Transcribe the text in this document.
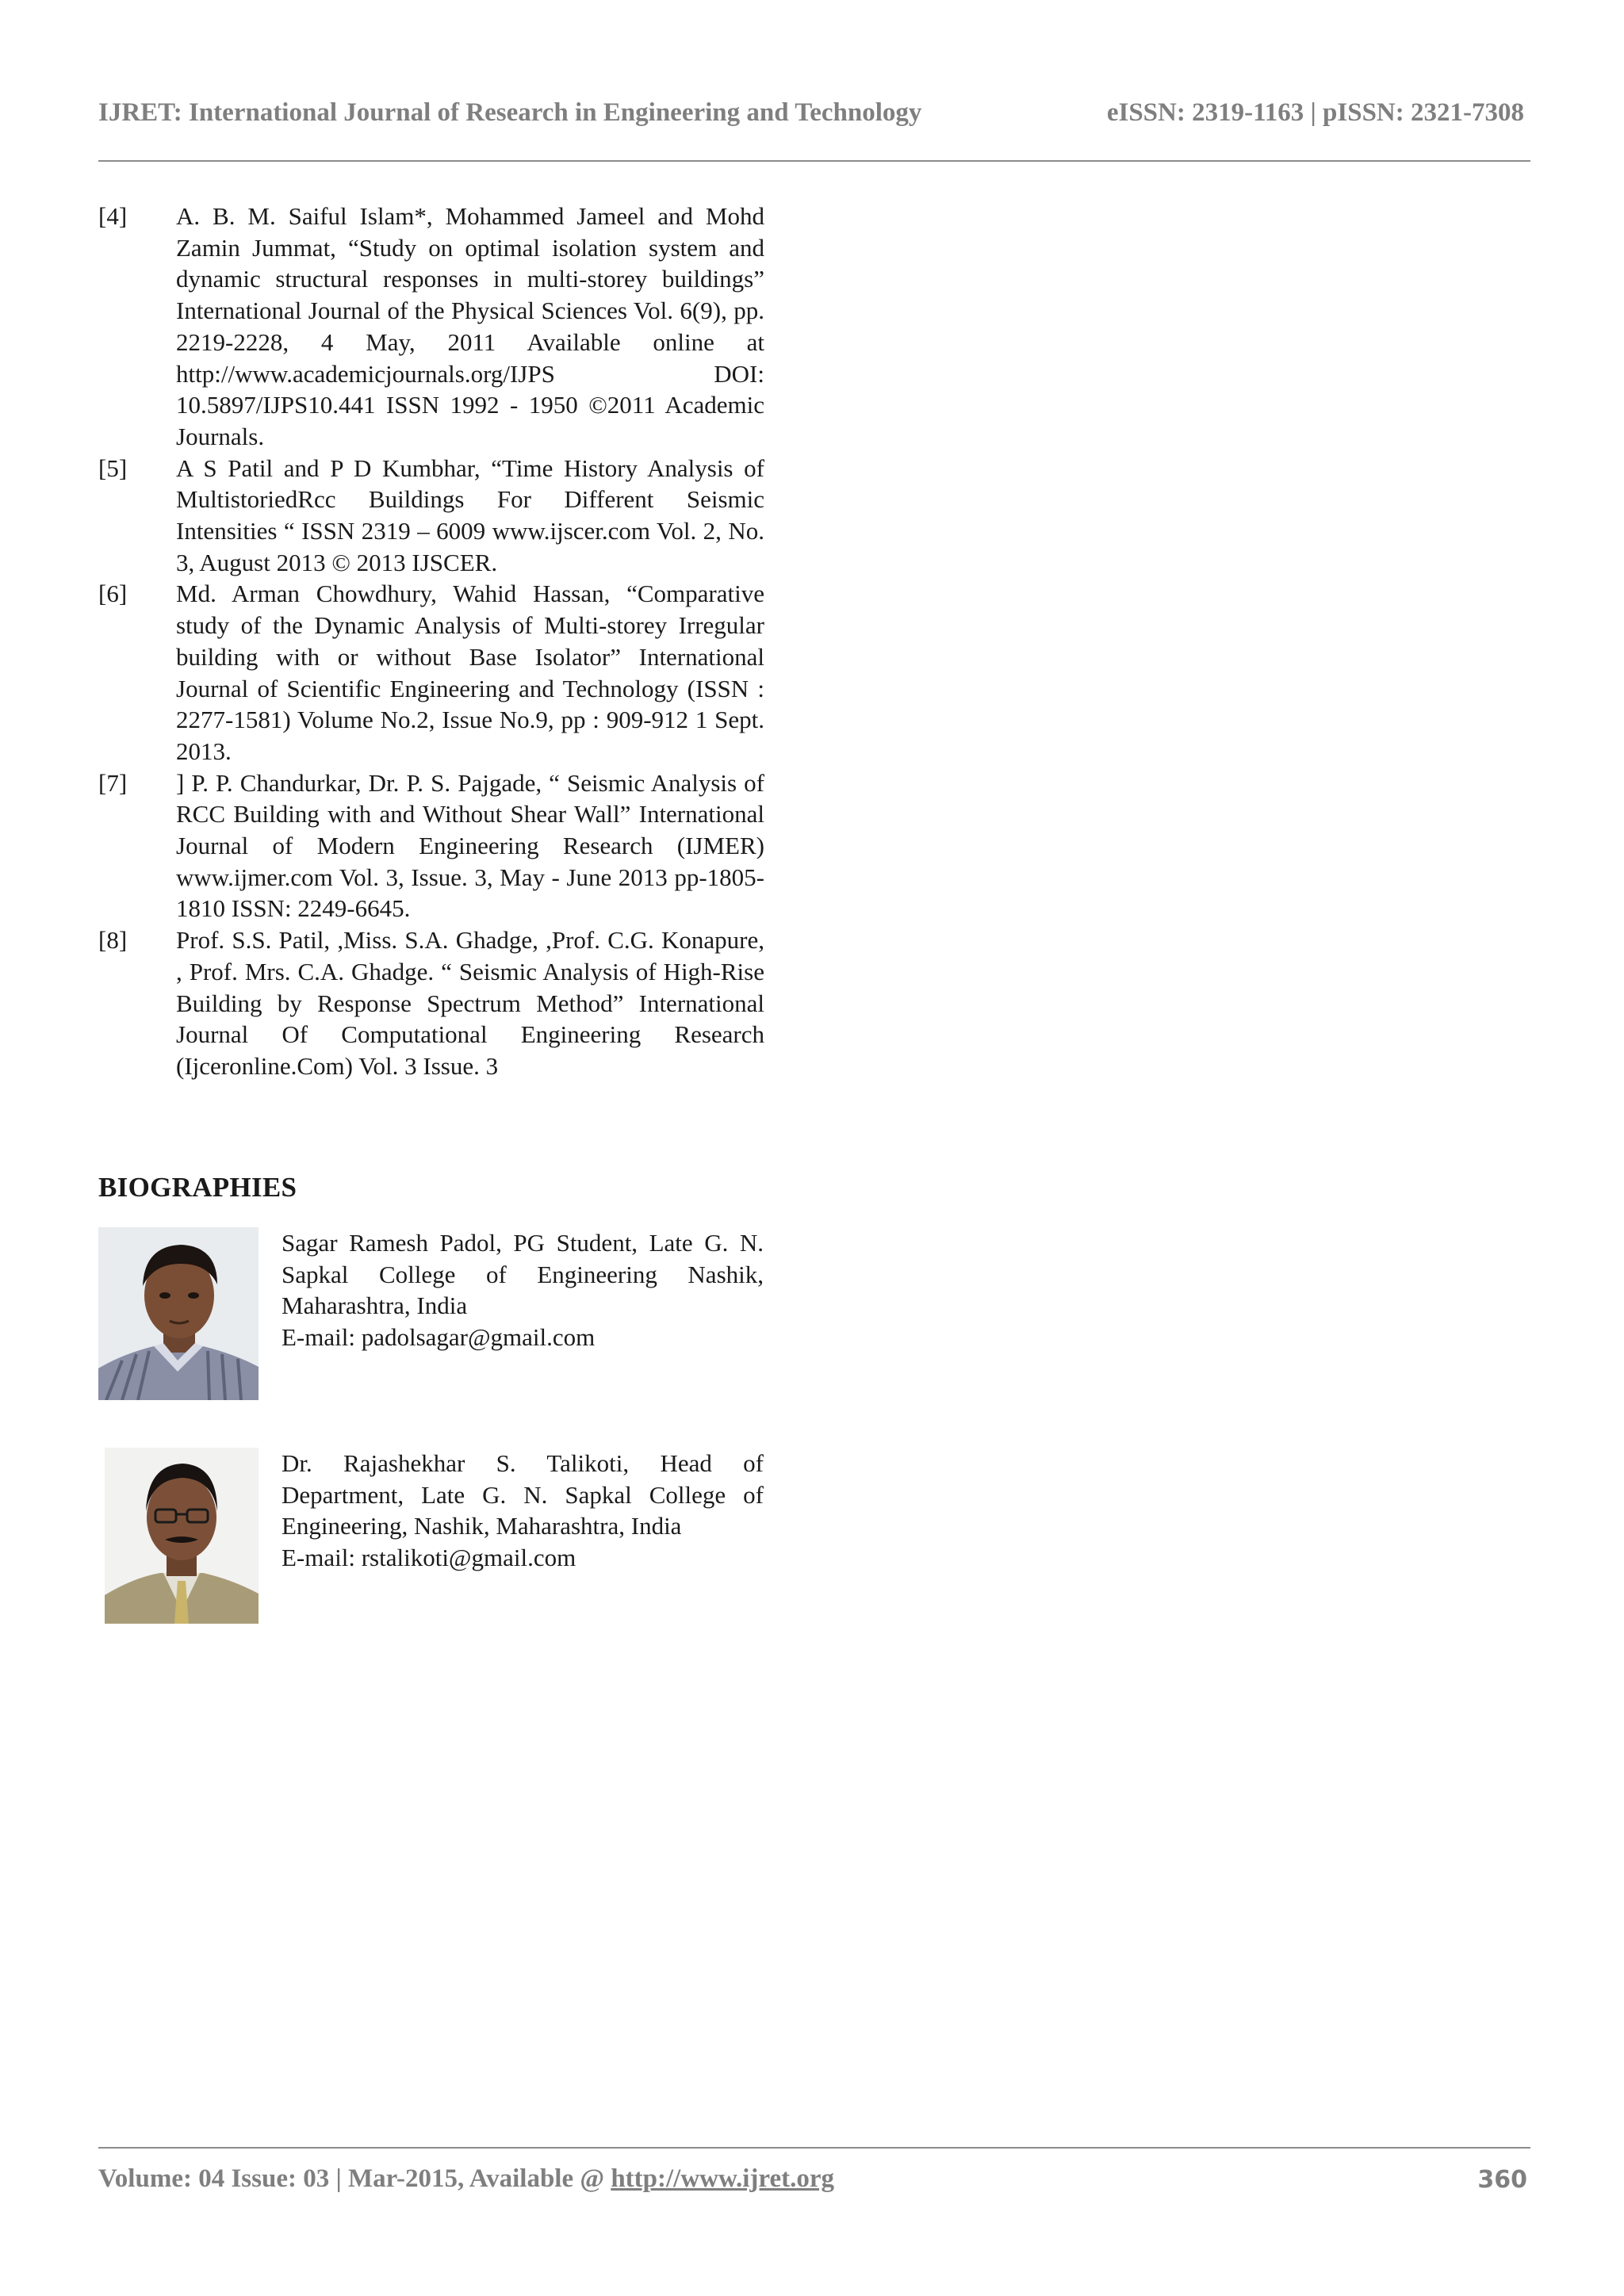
IJRET: International Journal of Research in Engineering and Technology	eISSN: 2319-1163 | pISSN: 2321-7308
[4] A. B. M. Saiful Islam*, Mohammed Jameel and Mohd Zamin Jummat, “Study on optimal isolation system and dynamic structural responses in multi-storey buildings” International Journal of the Physical Sciences Vol. 6(9), pp. 2219-2228, 4 May, 2011 Available online at http://www.academicjournals.org/IJPS	DOI: 10.5897/IJPS10.441 ISSN 1992 - 1950 ©2011 Academic Journals.
[5] A S Patil and P D Kumbhar, “Time History Analysis of MultistoriedRcc Buildings For Different Seismic Intensities “ ISSN 2319 – 6009 www.ijscer.com Vol. 2, No. 3, August 2013 © 2013 IJSCER.
[6] Md. Arman Chowdhury, Wahid Hassan, “Comparative study of the Dynamic Analysis of Multi-storey Irregular building with or without Base Isolator” International Journal of Scientific Engineering and Technology (ISSN : 2277-1581) Volume No.2, Issue No.9, pp : 909-912 1 Sept. 2013.
[7] ] P. P. Chandurkar, Dr. P. S. Pajgade, “ Seismic Analysis of RCC Building with and Without Shear Wall” International Journal of Modern Engineering Research (IJMER) www.ijmer.com Vol. 3, Issue. 3, May - June 2013 pp-1805-1810 ISSN: 2249-6645.
[8] Prof. S.S. Patil, ,Miss. S.A. Ghadge, ,Prof. C.G. Konapure, , Prof. Mrs. C.A. Ghadge. “ Seismic Analysis of High-Rise Building by Response Spectrum Method” International Journal Of Computational Engineering Research (Ijceronline.Com) Vol. 3 Issue. 3
BIOGRAPHIES
Sagar Ramesh Padol, PG Student, Late G. N. Sapkal College of Engineering Nashik, Maharashtra, India
E-mail: padolsagar@gmail.com
Dr. Rajashekhar S. Talikoti, Head of Department, Late G. N. Sapkal College of Engineering, Nashik, Maharashtra, India
E-mail: rstalikoti@gmail.com
Volume: 04 Issue: 03 | Mar-2015, Available @ http://www.ijret.org	360
